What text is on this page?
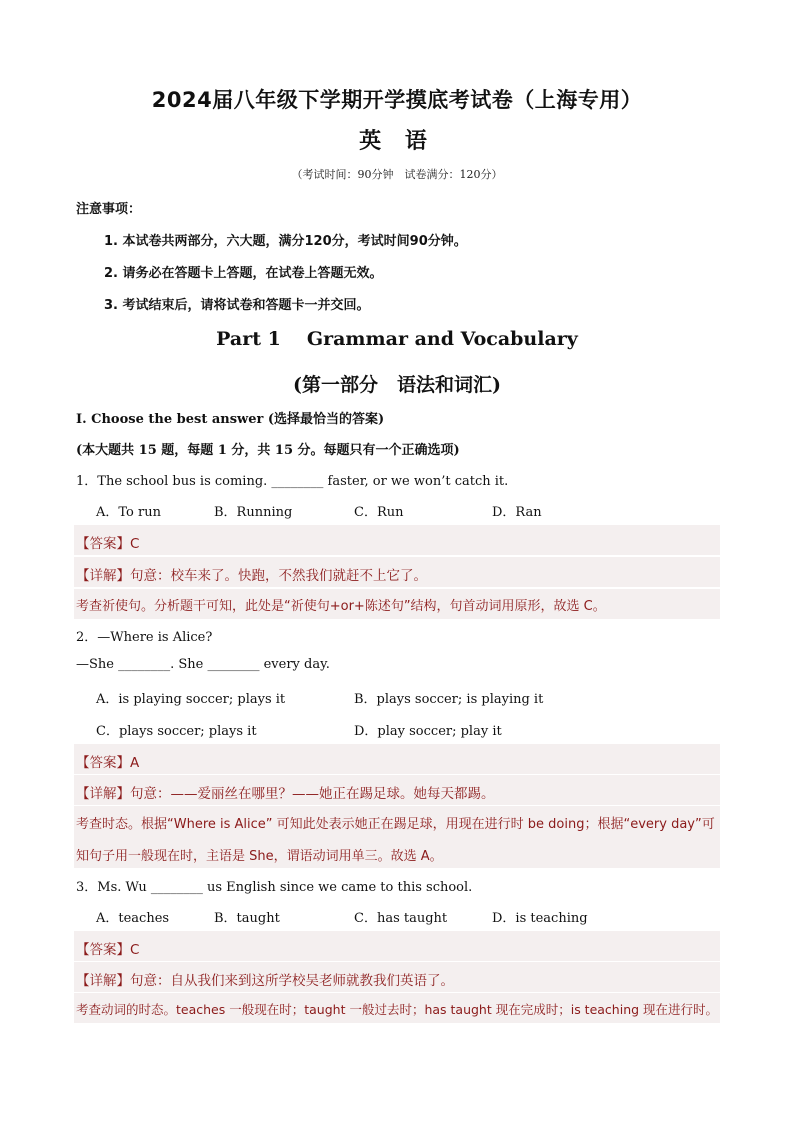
2024届八年级下学期开学摸底考试卷（上海专用）
英 语
（考试时间：90分钟　试卷满分：120分）
注意事项：
1. 本试卷共两部分，六大题，满分120分，考试时间90分钟。
2. 请务必在答题卡上答题，在试卷上答题无效。
3. 考试结束后，请将试卷和答题卡一并交回。
Part 1 Grammar and Vocabulary
(第一部分　语法和词汇)
I. Choose the best answer (选择最恰当的答案)
(本大题共 15 题，每题 1 分，共 15 分。每题只有一个正确选项)
1．The school bus is coming. ________ faster, or we won’t catch it.
A．To run	B．Running	C．Run	D．Ran
【答案】C
【详解】句意：校车来了。快跑，不然我们就赶不上它了。
考查祈使句。分析题干可知，此处是“祈使句+or+陈述句”结构，句首动词用原形，故选 C。
2．—Where is Alice?
—She ________. She ________ every day.
A．is playing soccer; plays it	B．plays soccer; is playing it
C．plays soccer; plays it	D．play soccer; play it
【答案】A
【详解】句意：——爱丽丝在哪里？——她正在踢足球。她每天都踢。
考查时态。根据“Where is Alice” 可知此处表示她正在踢足球，用现在进行时 be doing；根据“every day”可
知句子用一般现在时，主语是 She，谓语动词用单三。故选 A。
3．Ms. Wu ________ us English since we came to this school.
A．teaches	B．taught	C．has taught	D．is teaching
【答案】C
【详解】句意：自从我们来到这所学校吴老师就教我们英语了。
考查动词的时态。teaches 一般现在时；taught 一般过去时；has taught 现在完成时；is teaching 现在进行时。
